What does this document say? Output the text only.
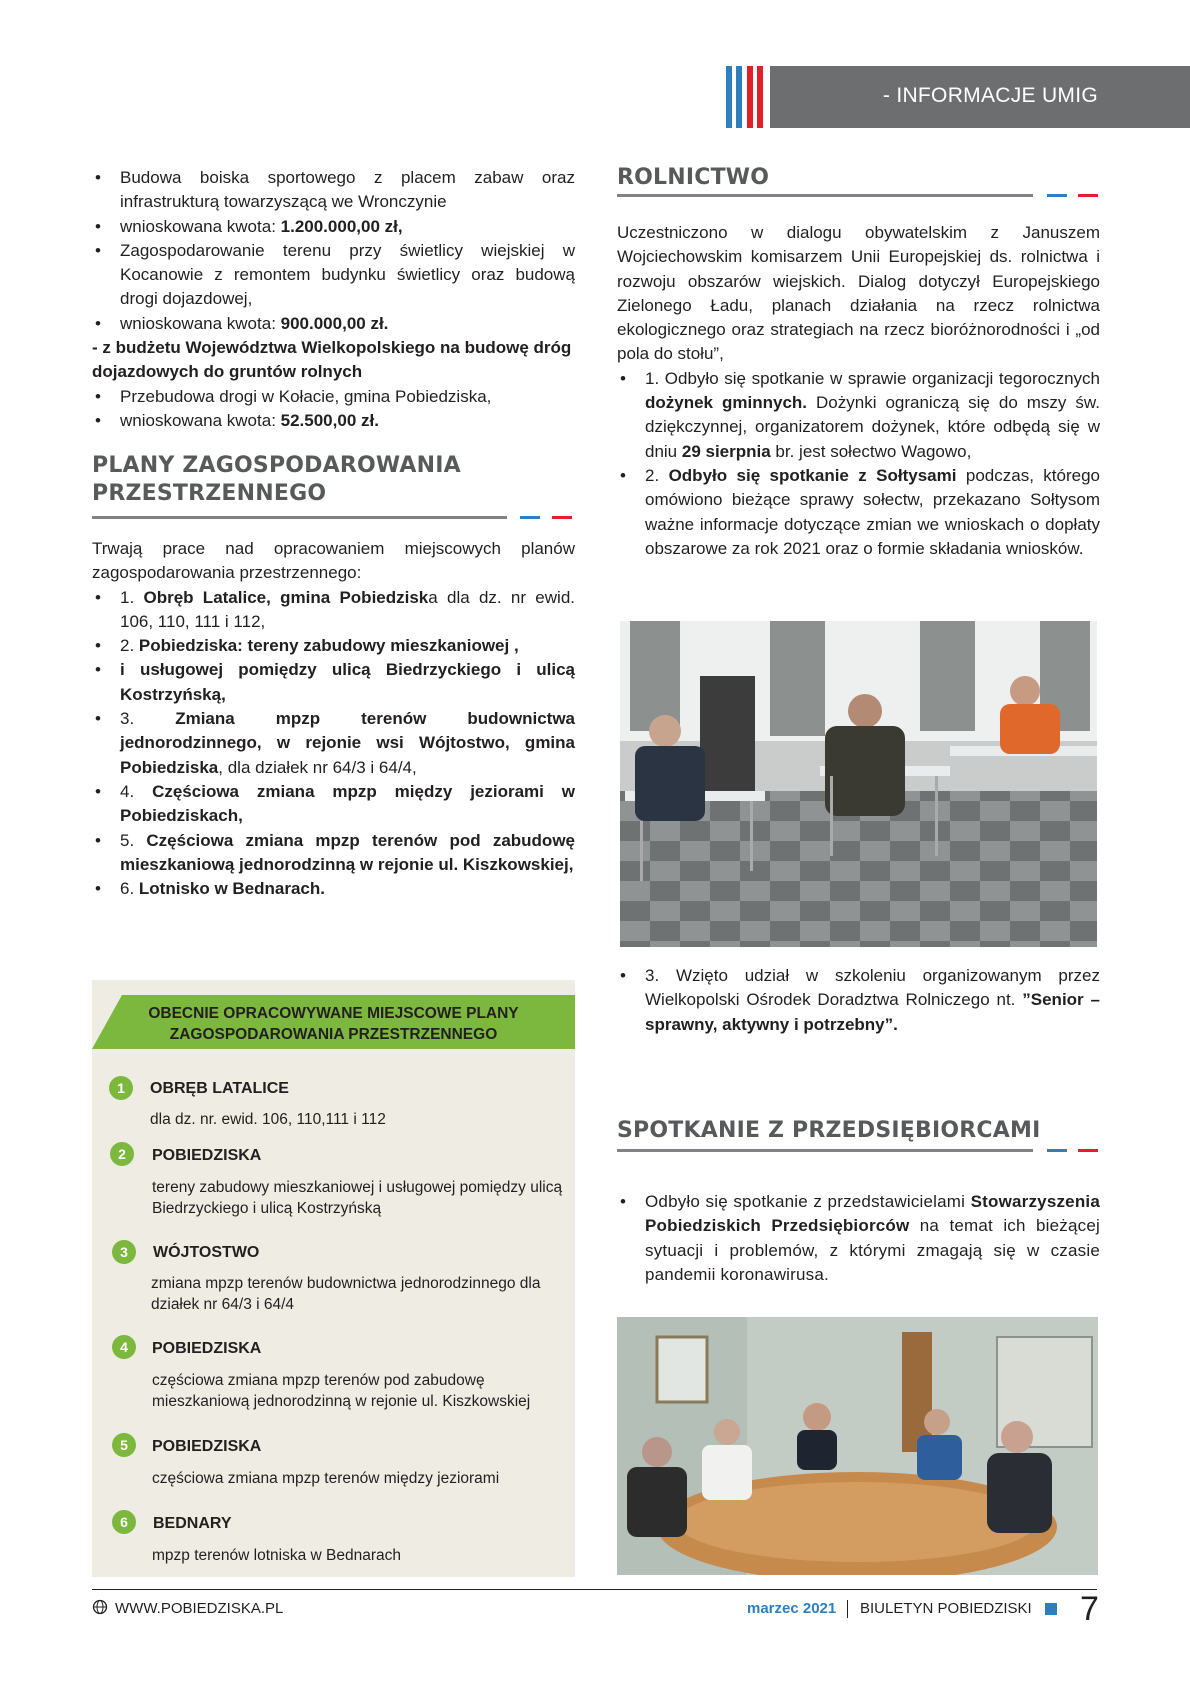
- INFORMACJE UMIG
• Budowa boiska sportowego z placem zabaw oraz infrastrukturą towarzyszącą we Wronczynie
• wnioskowana kwota: 1.200.000,00 zł,
• Zagospodarowanie terenu przy świetlicy wiejskiej w Kocanowie z remontem budynku świetlicy oraz budową drogi dojazdowej,
• wnioskowana kwota: 900.000,00 zł.

- z budżetu Województwa Wielkopolskiego na budowę dróg dojazdowych do gruntów rolnych

• Przebudowa drogi w Kołacie, gmina Pobiedziska,
• wnioskowana kwota: 52.500,00 zł.
PLANY ZAGOSPODAROWANIA
PRZESTRZENNEGO

Trwają prace nad opracowaniem miejscowych planów zagospodarowania przestrzennego:

• 1. Obręb Latalice, gmina Pobiedziska dla dz. nr ewid. 106, 110, 111 i 112,
• 2. Pobiedziska: tereny zabudowy mieszkaniowej ,
• i usługowej pomiędzy ulicą Biedrzyckiego i ulicą Kostrzyńską,
• 3. Zmiana mpzp terenów budownictwa jednorodzinnego, w rejonie wsi Wójtostwo, gmina Pobiedziska, dla działek nr 64/3 i 64/4,
• 4. Częściowa zmiana mpzp między jeziorami w Pobiedziskach,
• 5. Częściowa zmiana mpzp terenów pod zabudowę mieszkaniową jednorodzinną w rejonie ul. Kiszkowskiej,
• 6. Lotnisko w Bednarach.
OBECNIE OPRACOWYWANE MIEJSCOWE PLANY
ZAGOSPODAROWANIA PRZESTRZENNEGO
1	OBRĘB LATALICE
dla dz. nr. ewid. 106, 110,111 i 112
2	POBIEDZISKA
tereny zabudowy mieszkaniowej i usługowej pomiędzy ulicą Biedrzyckiego i ulicą Kostrzyńską
3	WÓJTOSTWO
zmiana mpzp terenów budownictwa jednorodzinnego dla działek nr 64/3 i 64/4
4	POBIEDZISKA
częściowa zmiana mpzp terenów pod zabudowę mieszkaniową jednorodzinną w rejonie ul. Kiszkowskiej
5	POBIEDZISKA
częściowa zmiana mpzp terenów między jeziorami
6	BEDNARY
mpzp terenów lotniska w Bednarach
ROLNICTWO

Uczestniczono w dialogu obywatelskim z Januszem Wojciechowskim komisarzem Unii Europejskiej ds. rolnictwa i rozwoju obszarów wiejskich. Dialog dotyczył Europejskiego Zielonego Ładu, planach działania na rzecz rolnictwa ekologicznego oraz strategiach na rzecz bioróżnorodności i „od pola do stołu”,

• 1. Odbyło się spotkanie w sprawie organizacji tegorocznych dożynek gminnych. Dożynki ograniczą się do mszy św. dziękczynnej, organizatorem dożynek, które odbędą się w dniu 29 sierpnia br. jest sołectwo Wagowo,
• 2. Odbyło się spotkanie z Sołtysami podczas, którego omówiono bieżące sprawy sołectw, przekazano Sołtysom ważne informacje dotyczące zmian we wnioskach o dopłaty obszarowe za rok 2021 oraz o formie składania wniosków.
• 3. Wzięto udział w szkoleniu organizowanym przez Wielkopolski Ośrodek Doradztwa Rolniczego nt. ”Senior – sprawny, aktywny i potrzebny”.
SPOTKANIE Z PRZEDSIĘBIORCAMI
• Odbyło się spotkanie z przedstawicielami Stowarzyszenia Pobiedziskich Przedsiębiorców na temat ich bieżącej sytuacji i problemów, z którymi zmagają się w czasie pandemii koronawirusa.
WWW.POBIEDZISKA.PL	marzec 2021 BIULETYN POBIEDZISKI 7
